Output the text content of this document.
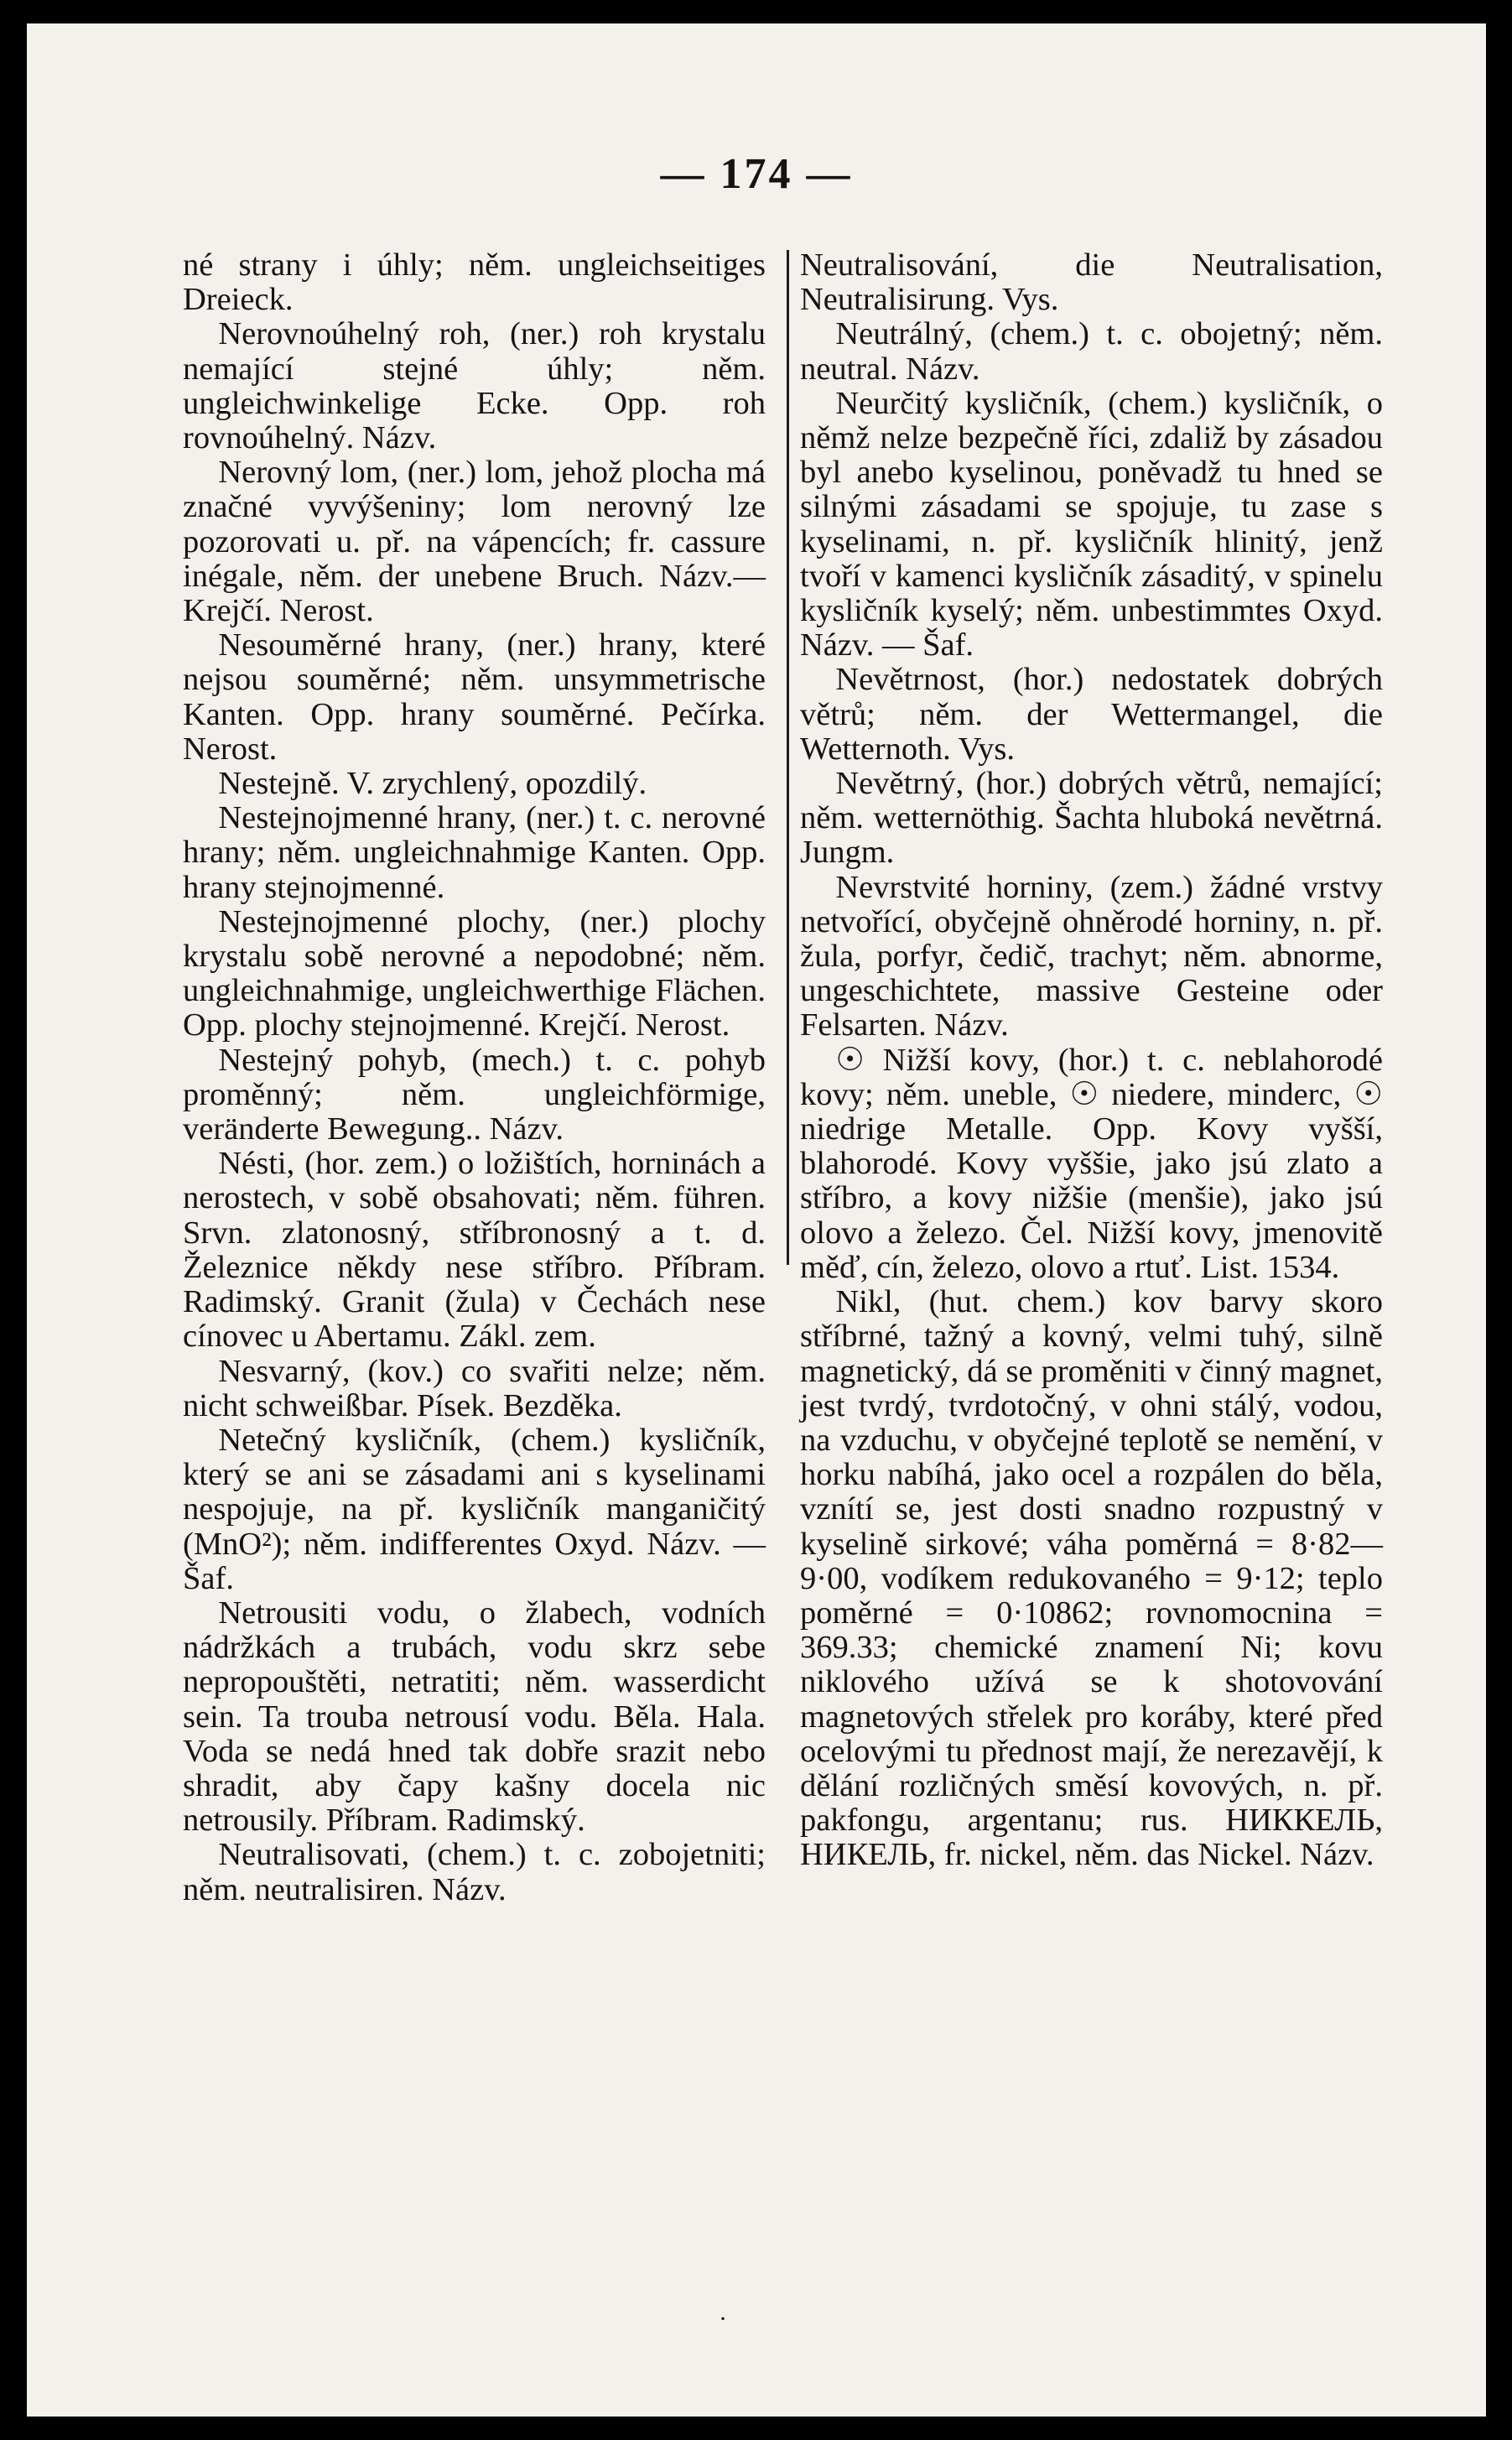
— 174 —

né strany i úhly; něm. ungleichseitiges Dreieck.

Nerovnoúhelný roh, (ner.) roh krystalu nemající stejné úhly; něm. ungleichwinkelige Ecke. Opp. roh rovnoúhelný. Názv.

Nerovný lom, (ner.) lom, jehož plocha má značné vyvýšeniny; lom nerovný lze pozorovati u. př. na vápencích; fr. cassure inégale, něm. der unebene Bruch. Názv.—Krejčí. Nerost.

Nesouměrné hrany, (ner.) hrany, které nejsou souměrné; něm. unsymmetrische Kanten. Opp. hrany souměrné. Pečírka. Nerost.

Nestejně. V. zrychlený, opozdilý.

Nestejnojmenné hrany, (ner.) t. c. nerovné hrany; něm. ungleichnahmige Kanten. Opp. hrany stejnojmenné.

Nestejnojmenné plochy, (ner.) plochy krystalu sobě nerovné a nepodobné; něm. ungleichnahmige, ungleichwerthige Flächen. Opp. plochy stejnojmenné. Krejčí. Nerost.

Nestejný pohyb, (mech.) t. c. pohyb proměnný; něm. ungleichförmige, veränderte Bewegung.. Názv.

Nésti, (hor. zem.) o ložištích, horninách a nerostech, v sobě obsahovati; něm. führen. Srvn. zlatonosný, stříbronosný a t. d. Železnice někdy nese stříbro. Příbram. Radimský. Granit (žula) v Čechách nese cínovec u Abertamu. Zákl. zem.

Nesvarný, (kov.) co svařiti nelze; něm. nicht schweißbar. Písek. Bezděka.

Netečný kysličník, (chem.) kysličník, který se ani se zásadami ani s kyselinami nespojuje, na př. kysličník manganičitý (MnO²); něm. indifferentes Oxyd. Názv. — Šaf.

Netrousiti vodu, o žlabech, vodních nádržkách a trubách, vodu skrz sebe nepropouštěti, netratiti; něm. wasserdicht sein. Ta trouba netrousí vodu. Běla. Hala. Voda se nedá hned tak dobře srazit nebo shradit, aby čapy kašny docela nic netrousily. Příbram. Radimský.

Neutralisovati, (chem.) t. c. zobojetniti; něm. neutralisiren. Názv.

Neutralisování, die Neutralisation, Neutralisirung. Vys.

Neutrálný, (chem.) t. c. obojetný; něm. neutral. Názv.

Neurčitý kysličník, (chem.) kysličník, o němž nelze bezpečně říci, zdaliž by zásadou byl anebo kyselinou, poněvadž tu hned se silnými zásadami se spojuje, tu zase s kyselinami, n. př. kysličník hlinitý, jenž tvoří v kamenci kysličník zásaditý, v spinelu kysličník kyselý; něm. unbestimmtes Oxyd. Názv. — Šaf.

Nevětrnost, (hor.) nedostatek dobrých větrů; něm. der Wettermangel, die Wetternoth. Vys.

Nevětrný, (hor.) dobrých větrů, nemající; něm. wetternöthig. Šachta hluboká nevětrná. Jungm.

Nevrstvité horniny, (zem.) žádné vrstvy netvořící, obyčejně ohněrodé horniny, n. př. žula, porfyr, čedič, trachyt; něm. abnorme, ungeschichtete, massive Gesteine oder Felsarten. Názv.

☉ Nižší kovy, (hor.) t. c. neblahorodé kovy; něm. uneble, ☉ niedere, minderc, ☉ niedrige Metalle. Opp. Kovy vyšší, blahorodé. Kovy vyššie, jako jsú zlato a stříbro, a kovy nižšie (menšie), jako jsú olovo a železo. Čel. Nižší kovy, jmenovitě měď, cín, železo, olovo a rtuť. List. 1534.

Nikl, (hut. chem.) kov barvy skoro stříbrné, tažný a kovný, velmi tuhý, silně magnetický, dá se proměniti v činný magnet, jest tvrdý, tvrdotočný, v ohni stálý, vodou, na vzduchu, v obyčejné teplotě se nemění, v horku nabíhá, jako ocel a rozpálen do běla, vznítí se, jest dosti snadno rozpustný v kyselině sirkové; váha poměrná = 8·82—9·00, vodíkem redukovaného = 9·12; teplo poměrné = 0·10862; rovnomocnina = 369.33; chemické znamení Ni; kovu niklového užívá se k shotovování magnetových střelek pro koráby, které před ocelovými tu přednost mají, že nerezavějí, k dělání rozličných směsí kovových, n. př. pakfongu, argentanu; rus. НИККЕЛЬ, НИКЕЛЬ, fr. nickel, něm. das Nickel. Názv.

·
